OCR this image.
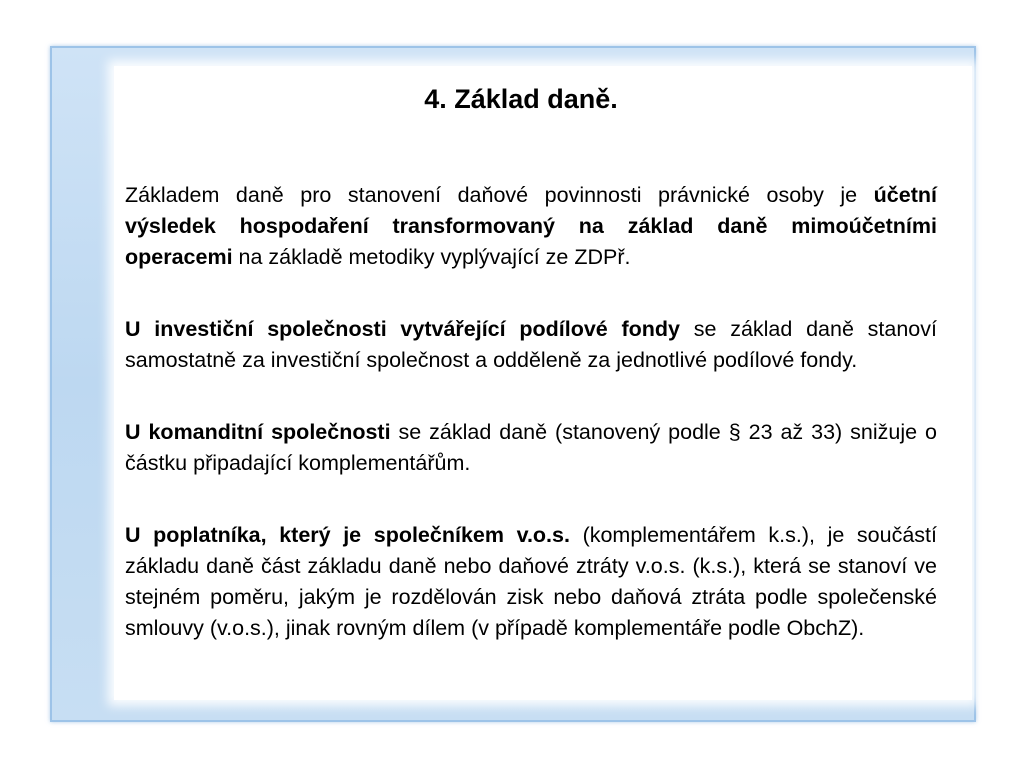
4. Základ daně.

Základem daně pro stanovení daňové povinnosti právnické osoby je účetní výsledek hospodaření transformovaný na základ daně mimoúčetními operacemi na základě metodiky vyplývající ze ZDPř.

U investiční společnosti vytvářející podílové fondy se základ daně stanoví samostatně za investiční společnost a odděleně za jednotlivé podílové fondy.

U komanditní společnosti se základ daně (stanovený podle § 23 až 33) snižuje o částku připadající komplementářům.

U poplatníka, který je společníkem v.o.s. (komplementářem k.s.), je součástí základu daně část základu daně nebo daňové ztráty v.o.s. (k.s.), která se stanoví ve stejném poměru, jakým je rozdělován zisk nebo daňová ztráta podle společenské smlouvy (v.o.s.), jinak rovným dílem (v případě komplementáře podle ObchZ).
